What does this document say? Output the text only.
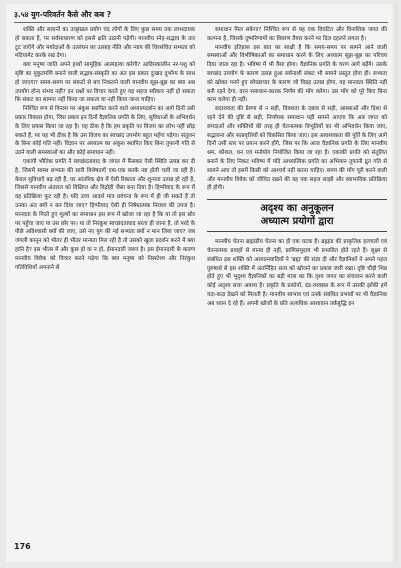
३.५४ युग-परिवर्तन कैसे और कब ?

शक्ति और साधनों का उच्छृंखल प्रयोग चंद लोगों के लिए कुछ समय तक लाभदायक हो सकता है, पर सर्वसाधारण को इससे क्षति उठानी पड़ेगी। मानवीय स्नेह-सद्भाव के तार टूट जाएँगे और मर्यादाओं के उल्लंघन का उत्साह नीति और न्याय की चिरसंचित सभ्यता को मटियामेट करके रख देगा।

क्या मनुष्य जाति अपने हाथों सामूहिक आत्महत्या करेगी? आदिमकालीन नर-पशु को सृष्टि का मुकुटमणि बनाने वाली सद्भाव-संस्कृति का अंत इस प्रकार दुःखद दुर्भाग्य के साथ हो जाएगा? समय-समय पर संकटों से बच निकलने वाली मानवीय सूझ-बूझ का क्या अब उपयोग होना संभव नहीं? इन प्रश्नों पर विचार करते हुए यह सहज स्वीकार नहीं हो सकता कि संकट का सामना नहीं किया जा सकता या नहीं किया जाना चाहिए।

निश्चित रूप से विनाश पर अंकुश स्थापित करने वाले अध्यात्मदर्शन का आगे दिनों उसी प्रकार विकास होगा, जिस प्रकार इन दिनों वैज्ञानिक प्रगति के लिए, सुविधाओं के अभिवर्धन के लिए प्रयास किया जा रहा है। यह ठीक है कि हम प्रकृति पर विजय का लोभ नहीं छोड़ सकते हैं, पर यह भी ठीक है कि उस विजय का स्वच्छंद उपभोग बहुत महँगा पड़ेगा। संतुलन के बिना कोई गति नहीं। विज्ञान पर अध्यात्म का अंकुश स्थापित किए बिना तूफानी गति से उठने वाली समस्याओं का और कोई समाधान नहीं।

एकांगी भौतिक प्रगति ने स्वच्छंदतावाद के जंगल में फैंसकर ऐसी स्थिति उत्पन्न कर दी है, जिसमें स्वस्थ सभ्यता की सारी विशेषताएँ एक-एक करके नष्ट होती चली जा रही हैं। केवल सुविधाएँ बढ़ रही हैं, पर आंतरिक क्षेत्र में ऐसी रिक्तता और शून्यता उत्पन्न हो रही है, जिससे मानवीय अंतराल को विक्षिप्त और विद्रोही जैसा बना दिया है। हिप्पीवाद के रूप में वह प्रतिक्रिया फूट रही है। यदि उच्च आदर्श मात्र प्रवंचना के रूप में ही जी सकते हैं तो उनका अंत क्यों न कर दिया जाए? हिप्पीवाद ऐसी ही निषेधात्मक निराशा की उपज है। मानवता के गिरते हुए मूल्यों का समाधान इस रूप में खोजा जा रहा है कि या तो इस छोर पर पहुँचा जाए या उस छोर पर। या तो निरंकुश स्वच्छंदतावाद बरता ही जाना है, तो परदे के पीछे अविश्वासी क्यों की जाए, उसे नए युग की नई सभ्यता क्यों न मान लिया जाए? जब जंगली कानून को भीतर ही भीतर मान्यता मिल रही है तो उसको खुला प्रदर्शन करने में क्या हानि है? इस भीतर में और कुछ हो या न हो, ईमानदारी जरूर है। इस ईमानदारी के कारण मानवीय विवेक को विचार करने पड़ेगा कि क्या मनुष्य को निस्स्टेश्य और निरंकुश गतिविधियाँ अपनाने से

समाधान मिल सकेगा? निश्चित रूप से यह एक विघटित और विनाशिक जगत की कल्पना है, जिसके दुष्परिणामों का विवरण तैयार करने पर दिल दहलने लगता है।

मानवीय इतिहास इस बात का साक्षी है कि समय-समय पर सामने आने वाली समस्याओं और विभीषिकाओं का समाधान करने के लिए अध्यात्म सूझ-बूझ का परिचय दिया जाता रहा है। भविष्य में भी वैसा होगा। वैज्ञानिक प्रगति के चरण आगे बढ़ेंगे। उसके स्वच्छंद उपयोग के कारण उत्पन्न हुआ सर्वनाशी संकट भी सामने प्रस्तुत होगा ही। सभ्यता को खोकर पनपे हुए स्वेच्छाचार के कारण जो विग्रह उत्पन्न होगा, वह मानवता स्थिति नहीं बनी रहने देगा, वरन समाधान-कारक निर्णय की माँग करेगा। उस माँग को पूरे किए बिना काम चलेगा ही नहीं।

सदाशयता की प्रेरणा से न सही, विवशता के दबाव से सही, आस्थाओं और दिशा से रहने देने की दृष्टि से सही, निर्णायक समाधान यही सामने आएगा कि अब जगत को संपदाओं और शक्तियों की तरह ही चेतनात्मक विभूतियों का भी अभिवर्धन किया जाए, सद्भावना और सत्प्रवृत्तियों को विकसित किया जाए। इस आवश्यकता की पूर्ति के लिए आगे दिनों उसी स्तर पर प्रयत्न करने होंगे, जिस पर कि आज वैज्ञानिक प्रगति के लिए मानवीय श्रम, कौशल, धन एवं मनोयोग नियोजित किया जा रहा है। एकाकी प्रगति को संतुलित बनाने के लिए निकट भविष्य में यदि आध्यात्मिक प्रगति का अभियान तूफानी द्रुत गति से सामने आए तो इसमें किसी को आश्चर्य नहीं करना चाहिए। समय की माँग पूरी करने वाली और मानवीय विवेक को जीवित रखने की यह एक सहज साझी और स्वाभाविक प्रतिक्रिया ही होगी।

अदृश्य का अनुकूलन
अध्यात्म प्रयोगों द्वारा

मानवीय चेतना ब्रह्मांडीय चेतना का ही एक घटक है। ब्रह्मांड की प्राकृतिक हलचलों एवं चेतनात्मक प्रवाहों से मानव ही नहीं, प्राणिसमुदाय भी प्रभावित होते रहते हैं। सूक्ष्म से संबंधित इस शक्ति को अध्यात्मवादियों ने 'ब्रह्म' की संज्ञा दी और वैज्ञानिकों ने अपने पहल पुरुषार्थ से इस शक्ति में अंतर्निहित सत्य को खोजने का प्रयास जारी रखा। दृष्टि चौड़ी भिन्न होते हुए भी भूदृश्य वैज्ञानिकों का बड़ी मात्रा का कि दृश्य जगत का संचालन करने वाली कोई अदृश्य सत्ता अवश्य है। प्रकृति के प्रकोपों, दंड-व्यवस्था के रूप में उसकी झाँकी हमें यदा-कदा देखने को मिलती है। मानवीय स्वभाव एवं उनके संबंधित प्रभावों पर भी वैज्ञानिक अब ध्यान दे रहे हैं। अपनी खोजों के प्रति अत्यधिक आशावान तर्कबुद्धि इन

176
